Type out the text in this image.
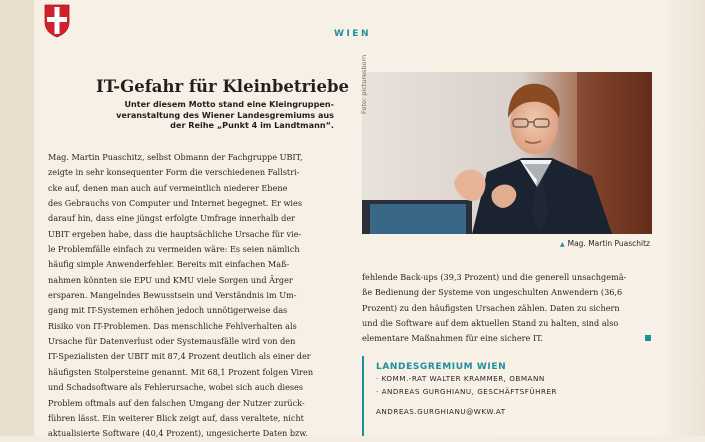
WIEN
IT-Gefahr für Kleinbetriebe
Unter diesem Motto stand eine Kleingruppen-
veranstaltung des Wiener Landesgremiums aus
der Reihe „Punkt 4 im Landtmann“.
Mag. Martin Puaschitz, selbst Obmann der Fachgruppe UBIT,
zeigte in sehr konsequenter Form die verschiedenen Fallstri-
cke auf, denen man auch auf vermeintlich niederer Ebene
des Gebrauchs von Computer und Internet begegnet. Er wies
darauf hin, dass eine jüngst erfolgte Umfrage innerhalb der
UBIT ergeben habe, dass die hauptsächliche Ursache für vie-
le Problemfälle einfach zu vermeiden wäre: Es seien nämlich
häufig simple Anwenderfehler. Bereits mit einfachen Maß-
nahmen könnten sie EPU und KMU viele Sorgen und Ärger
ersparen. Mangelndes Bewusstsein und Verständnis im Um-
gang mit IT-Systemen erhöhen jedoch unnötigerweise das
Risiko von IT-Problemen. Das menschliche Fehlverhalten als
Ursache für Datenverlust oder Systemausfälle wird von den
IT-Spezialisten der UBIT mit 87,4 Prozent deutlich als einer der
häufigsten Stolpersteine genannt. Mit 68,1 Prozent folgen Viren
und Schadsoftware als Fehlerursache, wobei sich auch dieses
Problem oftmals auf den falschen Umgang der Nutzer zurück-
führen lässt. Ein weiterer Blick zeigt auf, dass veraltete, nicht
aktualisierte Software (40,4 Prozent), ungesicherte Daten bzw.
Foto: picturesborn
▲ Mag. Martin Puaschitz
fehlende Back-ups (39,3 Prozent) und die generell unsachgemä-
ße Bedienung der Systeme von ungeschulten Anwendern (36,6
Prozent) zu den häufigsten Ursachen zählen. Daten zu sichern
und die Software auf dem aktuellen Stand zu halten, sind also
elementare Maßnahmen für eine sichere IT.
LANDESGREMIUM WIEN
· KOMM.-RAT WALTER KRAMMER, OBMANN
· ANDREAS GURGHIANU, GESCHÄFTSFÜHRER
ANDREAS.GURGHIANU@WKW.AT
